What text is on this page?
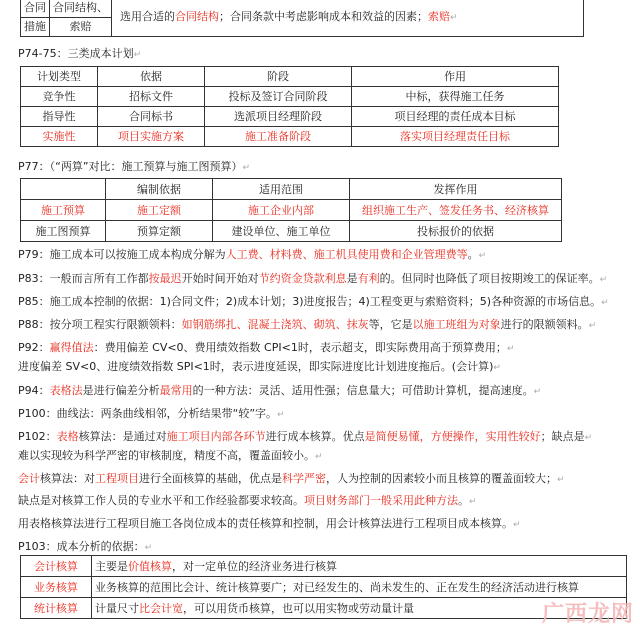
合同	合同结构、	选用合适的合同结构；合同条款中考虑影响成本和效益的因素；索赔↵
措施	索赔	
P74-75：三类成本计划↵
计划类型	依据	阶段	作用
竞争性	招标文件	投标及签订合同阶段	中标，获得施工任务
指导性	合同标书	选派项目经理阶段	项目经理的责任成本目标
实施性	项目实施方案	施工准备阶段	落实项目经理责任目标
P77：（“两算”对比：施工预算与施工图预算）↵
	编制依据	适用范围	发挥作用
施工预算	施工定额	施工企业内部	组织施工生产、签发任务书、经济核算
施工图预算	预算定额	建设单位、施工单位	投标报价的依据
P79：施工成本可以按施工成本构成分解为人工费、材料费、施工机具使用费和企业管理费等。↵
P83：一般而言所有工作都按最迟开始时间开始对节约资金贷款利息是有利的。但同时也降低了项目按期竣工的保证率。↵
P85：施工成本控制的依据：1)合同文件；2)成本计划；3)进度报告；4)工程变更与索赔资料；5)各种资源的市场信息。↵
P88：按分项工程实行限额领料：如钢筋绑扎、混凝土浇筑、砌筑、抹灰等，它是以施工班组为对象进行的限额领料。↵
P92：赢得值法：费用偏差 CV<0、费用绩效指数 CPI<1时，表示超支，即实际费用高于预算费用；↵
进度偏差 SV<0、进度绩效指数 SPI<1时，表示进度延误，即实际进度比计划进度拖后。(会计算)↵
P94：表格法是进行偏差分析最常用的一种方法：灵活、适用性强；信息量大；可借助计算机，提高速度。↵
P100：曲线法：两条曲线相邻，分析结果带“较”字。↵
P102：表格核算法：是通过对施工项目内部各环节进行成本核算。优点是简便易懂，方便操作，实用性较好；缺点是↵
难以实现较为科学严密的审核制度，精度不高，覆盖面较小。↵
会计核算法：对工程项目进行全面核算的基础，优点是科学严密，人为控制的因素较小而且核算的覆盖面较大；↵
缺点是对核算工作人员的专业水平和工作经验都要求较高。项目财务部门一般采用此种方法。↵
用表格核算法进行工程项目施工各岗位成本的责任核算和控制，用会计核算法进行工程项目成本核算。↵
P103：成本分析的依据：↵
会计核算	主要是价值核算，对一定单位的经济业务进行核算
业务核算	业务核算的范围比会计、统计核算要广；对已经发生的、尚未发生的、正在发生的经济活动进行核算
统计核算	计量尺寸比会计宽，可以用货币核算，也可以用实物或劳动量计量	广西龙网
